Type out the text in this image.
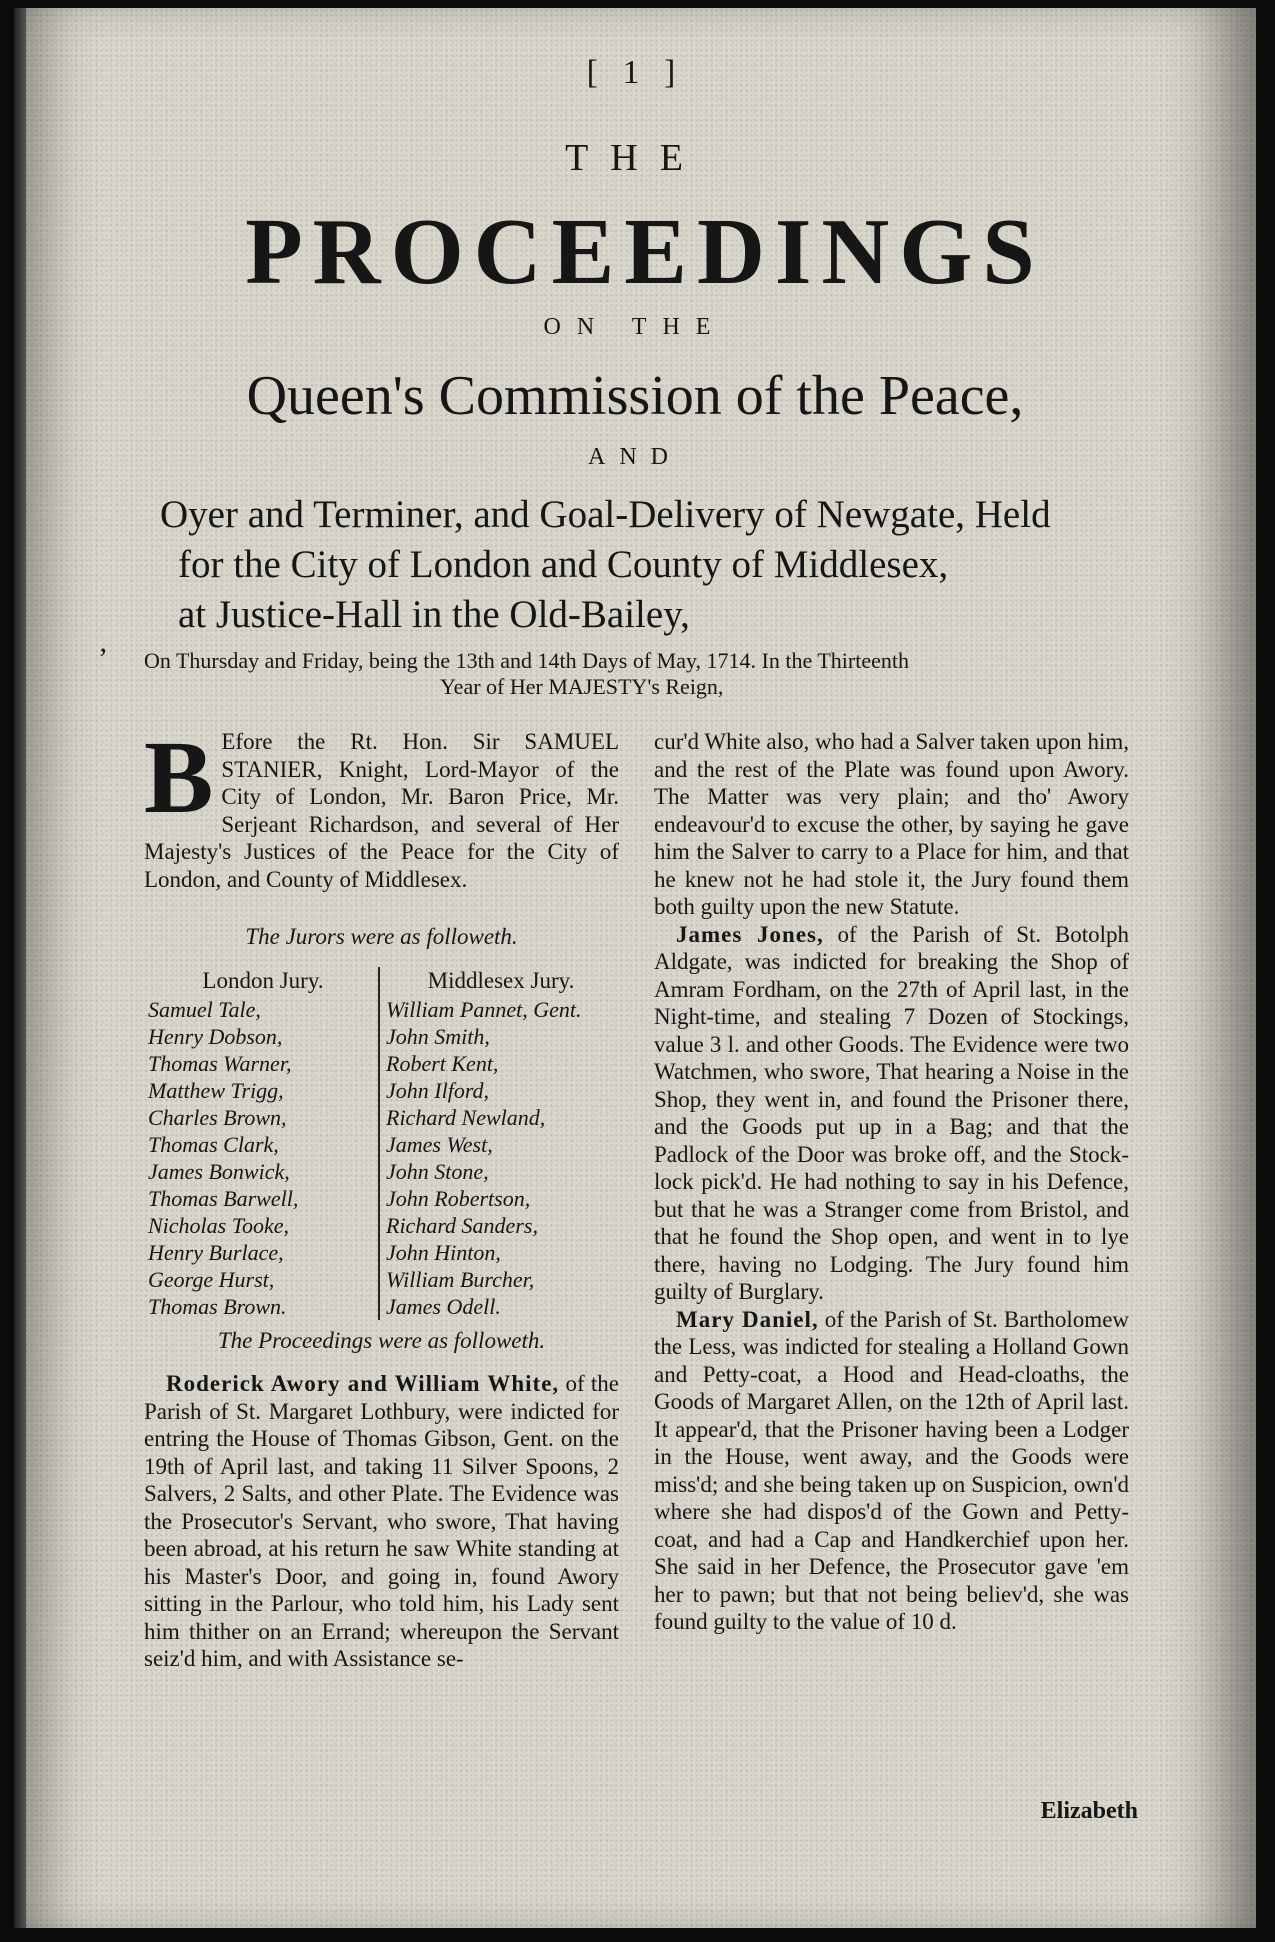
[ 1 ]
THE
PROCEEDINGS
ON THE
Queen's Commission of the Peace,
AND
Oyer and Terminer, and Goal-Delivery of Newgate, Held
for the City of London and County of Middlesex,
at Justice-Hall in the Old-Bailey,
’ On Thursday and Friday, being the 13th and 14th Days of May, 1714. In the Thirteenth
Year of Her MAJESTY's Reign,

B Efore the Rt. Hon. Sir SAMUEL STANIER, Knight, Lord-Mayor of the City of London, Mr. Baron Price, Mr. Serjeant Richardson, and several of Her Majesty's Justices of the Peace for the City of London, and County of Middlesex.

The Jurors were as followeth.
London Jury.
Samuel Tale,
Henry Dobson,
Thomas Warner,
Matthew Trigg,
Charles Brown,
Thomas Clark,
James Bonwick,
Thomas Barwell,
Nicholas Tooke,
Henry Burlace,
George Hurst,
Thomas Brown.
Middlesex Jury.
William Pannet, Gent.
John Smith,
Robert Kent,
John Ilford,
Richard Newland,
James West,
John Stone,
John Robertson,
Richard Sanders,
John Hinton,
William Burcher,
James Odell.
The Proceedings were as followeth.

Roderick Awory and William White, of the Parish of St. Margaret Lothbury, were indicted for entring the House of Thomas Gibson, Gent. on the 19th of April last, and taking 11 Silver Spoons, 2 Salvers, 2 Salts, and other Plate. The Evidence was the Prosecutor's Servant, who swore, That having been abroad, at his return he saw White standing at his Master's Door, and going in, found Awory sitting in the Parlour, who told him, his Lady sent him thither on an Errand; whereupon the Servant seiz'd him, and with Assistance se-

cur'd White also, who had a Salver taken upon him, and the rest of the Plate was found upon Awory. The Matter was very plain; and tho' Awory endeavour'd to excuse the other, by saying he gave him the Salver to carry to a Place for him, and that he knew not he had stole it, the Jury found them both guilty upon the new Statute.

James Jones, of the Parish of St. Botolph Aldgate, was indicted for breaking the Shop of Amram Fordham, on the 27th of April last, in the Night-time, and stealing 7 Dozen of Stockings, value 3 l. and other Goods. The Evidence were two Watchmen, who swore, That hearing a Noise in the Shop, they went in, and found the Prisoner there, and the Goods put up in a Bag; and that the Padlock of the Door was broke off, and the Stock-lock pick'd. He had nothing to say in his Defence, but that he was a Stranger come from Bristol, and that he found the Shop open, and went in to lye there, having no Lodging. The Jury found him guilty of Burglary.

Mary Daniel, of the Parish of St. Bartholomew the Less, was indicted for stealing a Holland Gown and Petty-coat, a Hood and Head-cloaths, the Goods of Margaret Allen, on the 12th of April last. It appear'd, that the Prisoner having been a Lodger in the House, went away, and the Goods were miss'd; and she being taken up on Suspicion, own'd where she had dispos'd of the Gown and Petty-coat, and had a Cap and Handkerchief upon her. She said in her Defence, the Prosecutor gave 'em her to pawn; but that not being believ'd, she was found guilty to the value of 10 d.

Elizabeth
